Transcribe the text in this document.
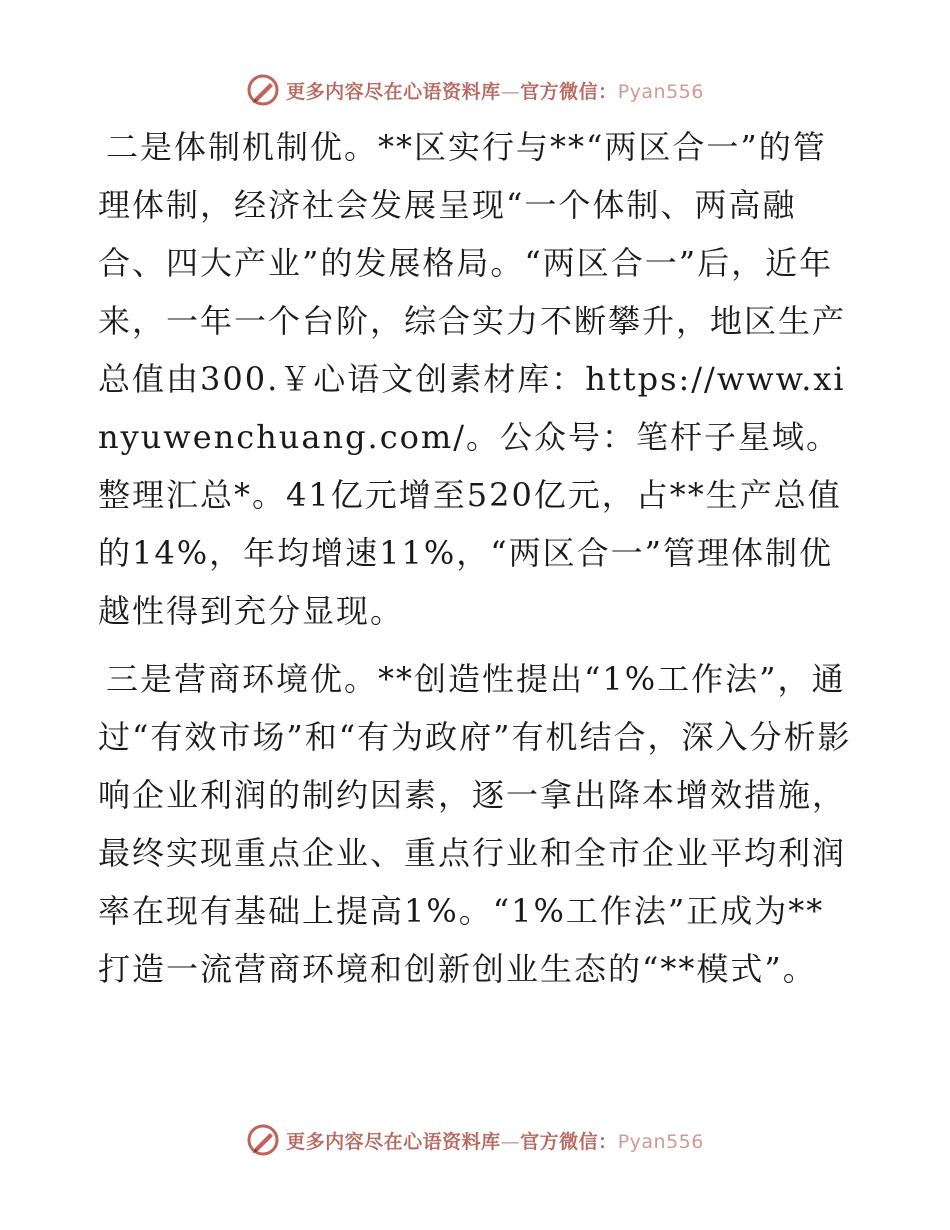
更多内容尽在心语资料库—官方微信：Pyan556

二是体制机制优。**区实行与**“两区合一”的管理体制，经济社会发展呈现“一个体制、两高融合、四大产业”的发展格局。“两区合一”后，近年来，一年一个台阶，综合实力不断攀升，地区生产总值由300.￥心语文创素材库：https://www.xinyuwenchuang.com/。公众号：笔杆子星域。整理汇总*。41亿元增至520亿元，占**生产总值的14%，年均增速11%，“两区合一”管理体制优越性得到充分显现。

三是营商环境优。**创造性提出“1%工作法”，通过“有效市场”和“有为政府”有机结合，深入分析影响企业利润的制约因素，逐一拿出降本增效措施，最终实现重点企业、重点行业和全市企业平均利润率在现有基础上提高1%。“1%工作法”正成为**打造一流营商环境和创新创业生态的“**模式”。

更多内容尽在心语资料库—官方微信：Pyan556
